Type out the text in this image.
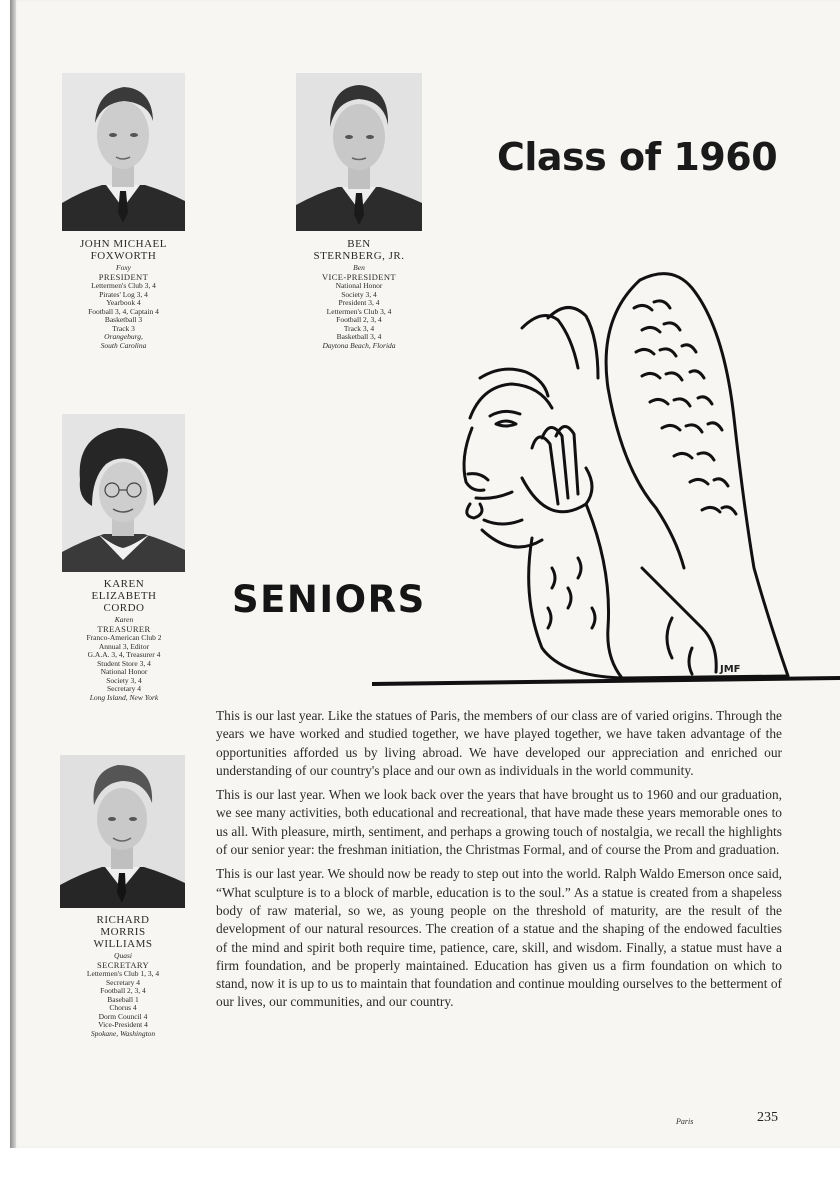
JOHN MICHAEL
FOXWORTH
Foxy
PRESIDENT
Lettermen's Club 3, 4
Pirates' Log 3, 4
Yearbook 4
Football 3, 4, Captain 4
Basketball 3
Track 3
Orangeburg,
South Carolina
BEN
STERNBERG, JR.
Ben
VICE-PRESIDENT
National Honor
Society 3, 4
President 3, 4
Lettermen's Club 3, 4
Football 2, 3, 4
Track 3, 4
Basketball 3, 4
Daytona Beach, Florida
KAREN
ELIZABETH
CORDO
Karen
TREASURER
Franco-American Club 2
Annual 3, Editor
G.A.A. 3, 4, Treasurer 4
Student Store 3, 4
National Honor
Society 3, 4
Secretary 4
Long Island, New York
RICHARD
MORRIS
WILLIAMS
Quasi
SECRETARY
Lettermen's Club 1, 3, 4
Secretary 4
Football 2, 3, 4
Baseball 1
Chorus 4
Dorm Council 4
Vice-President 4
Spokane, Washington
Class of 1960
SENIORS
JMF

This is our last year. Like the statues of Paris, the members of our class are of varied origins. Through the years we have worked and studied together, we have played together, we have taken advantage of the opportunities afforded us by living abroad. We have developed our appreciation and enriched our understanding of our country's place and our own as individuals in the world community.

This is our last year. When we look back over the years that have brought us to 1960 and our graduation, we see many activities, both educational and recreational, that have made these years memorable ones to us all. With pleasure, mirth, sentiment, and perhaps a growing touch of nostalgia, we recall the highlights of our senior year: the freshman initiation, the Christmas Formal, and of course the Prom and graduation.

This is our last year. We should now be ready to step out into the world. Ralph Waldo Emerson once said, “What sculpture is to a block of marble, education is to the soul.” As a statue is created from a shapeless body of raw material, so we, as young people on the threshold of maturity, are the result of the development of our natural resources. The creation of a statue and the shaping of the endowed faculties of the mind and spirit both require time, patience, care, skill, and wisdom. Finally, a statue must have a firm foundation, and be properly maintained. Education has given us a firm foundation on which to stand, now it is up to us to maintain that foundation and continue moulding ourselves to the betterment of our lives, our communities, and our country.

Paris	235
